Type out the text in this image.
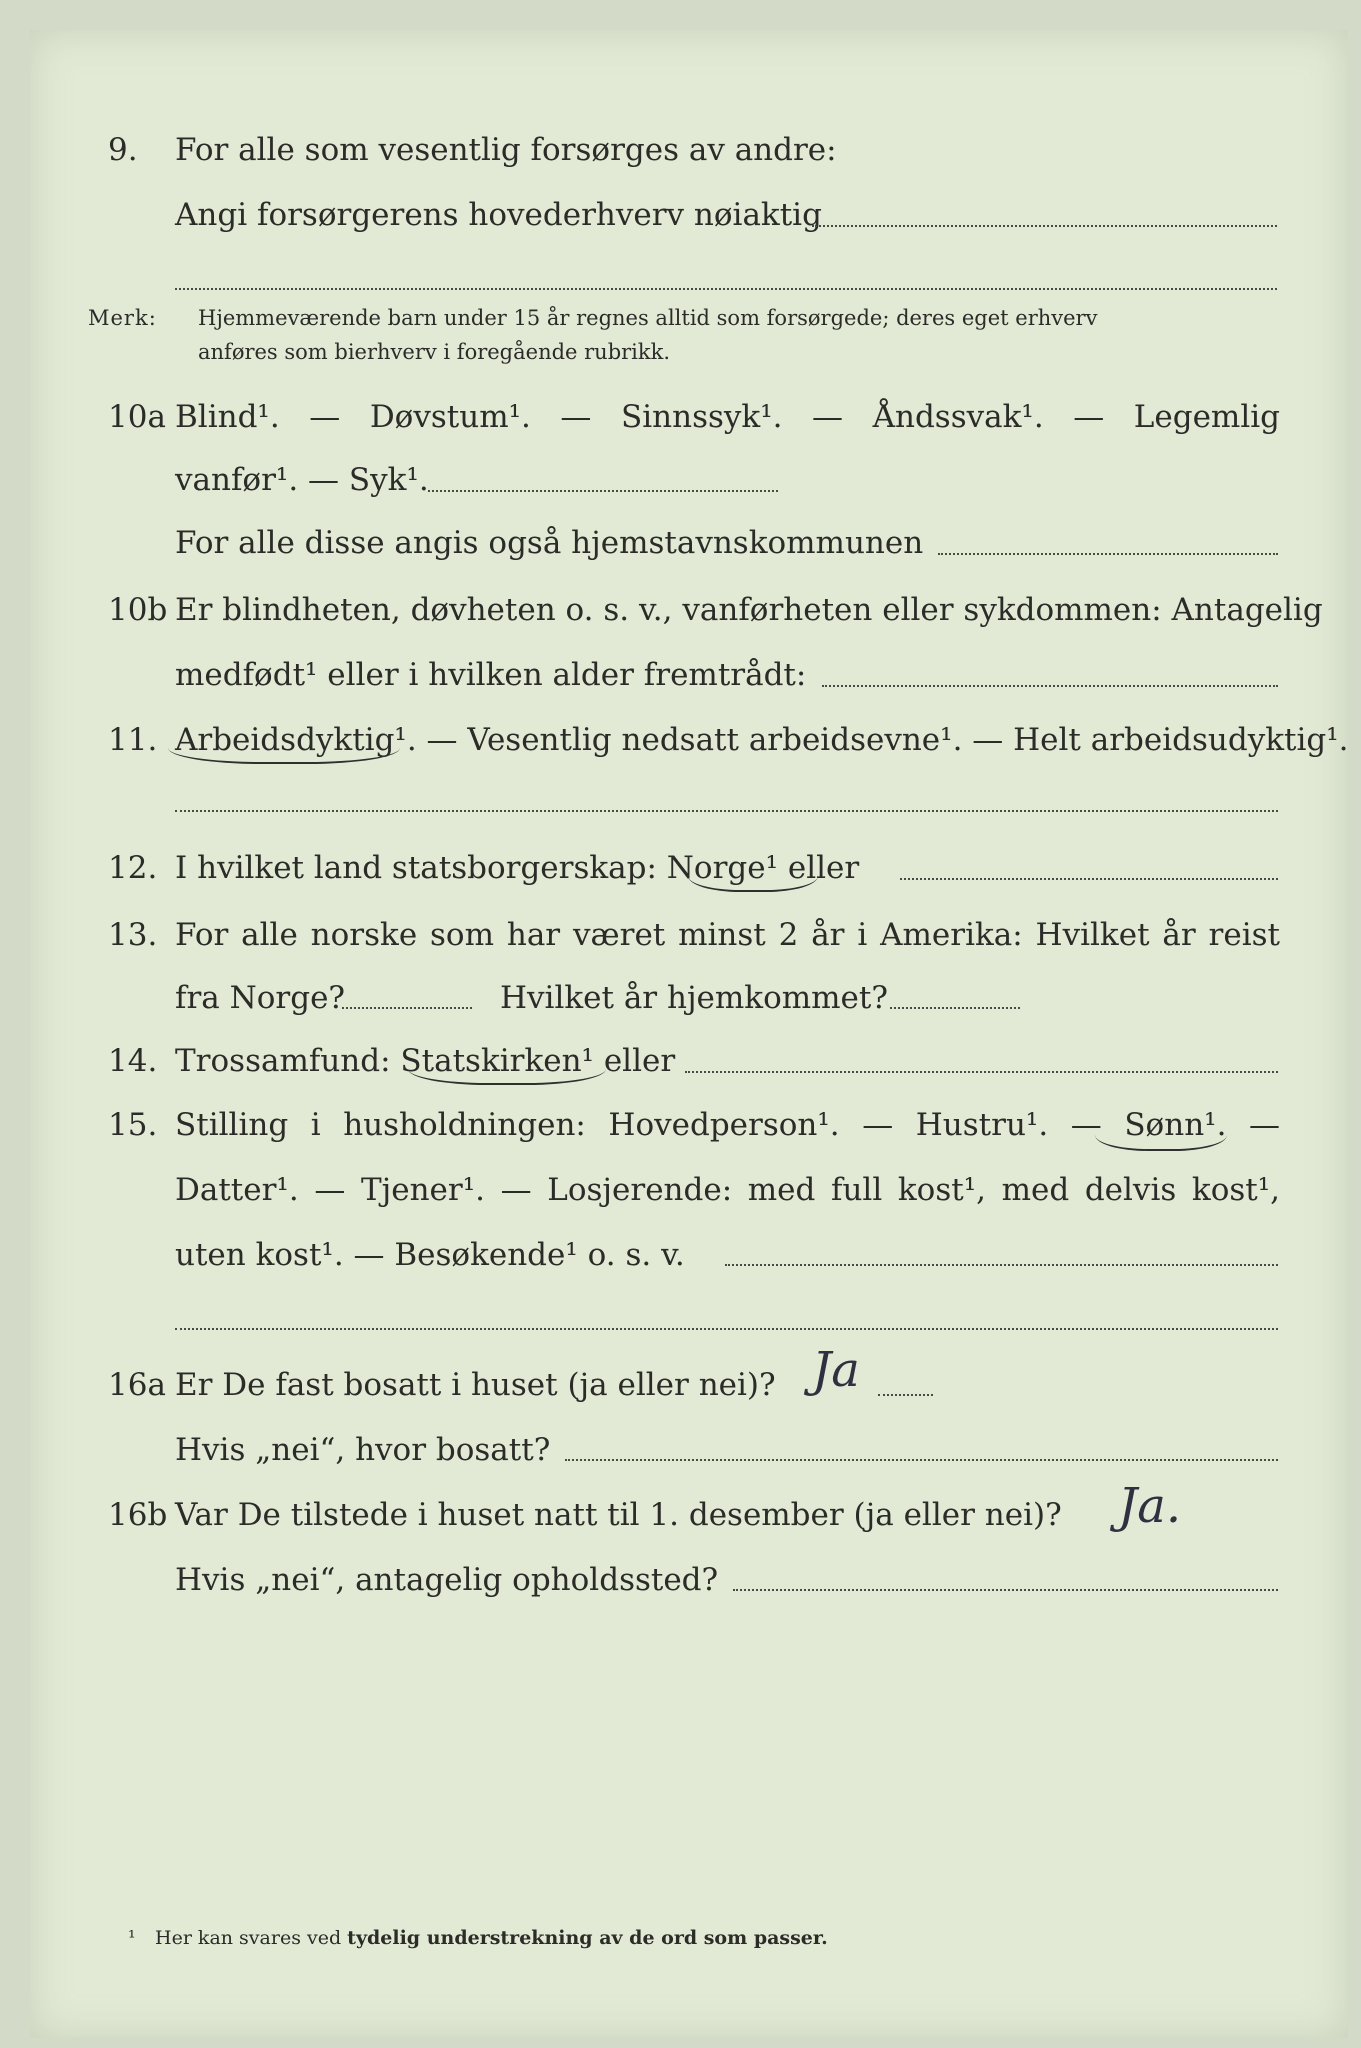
9. For alle som vesentlig forsørges av andre:
Angi forsørgerens hovederhverv nøiaktig
Merk: Hjemmeværende barn under 15 år regnes alltid som forsørgede; deres eget erhverv
anføres som bierhverv i foregående rubrikk.
10a Blind¹. — Døvstum¹. — Sinnssyk¹. — Åndssvak¹. — Legemlig
vanfør¹. — Syk¹.
For alle disse angis også hjemstavnskommunen
10b Er blindheten, døvheten o. s. v., vanførheten eller sykdommen: Antagelig
medfødt¹ eller i hvilken alder fremtrådt:
11. Arbeidsdyktig¹. — Vesentlig nedsatt arbeidsevne¹. — Helt arbeidsudyktig¹.
12. I hvilket land statsborgerskap: Norge¹ eller
13. For alle norske som har været minst 2 år i Amerika: Hvilket år reist
fra Norge?	Hvilket år hjemkommet?
14. Trossamfund: Statskirken¹ eller
15. Stilling i husholdningen: Hovedperson¹. — Hustru¹. — Sønn¹. —
Datter¹. — Tjener¹. — Losjerende: med full kost¹, med delvis kost¹,
uten kost¹. — Besøkende¹ o. s. v.
16a Er De fast bosatt i huset (ja eller nei)? Ja
Hvis „nei“, hvor bosatt?
16b Var De tilstede i huset natt til 1. desember (ja eller nei)? Ja.
Hvis „nei“, antagelig opholdssted?
¹ Her kan svares ved tydelig understrekning av de ord som passer.
